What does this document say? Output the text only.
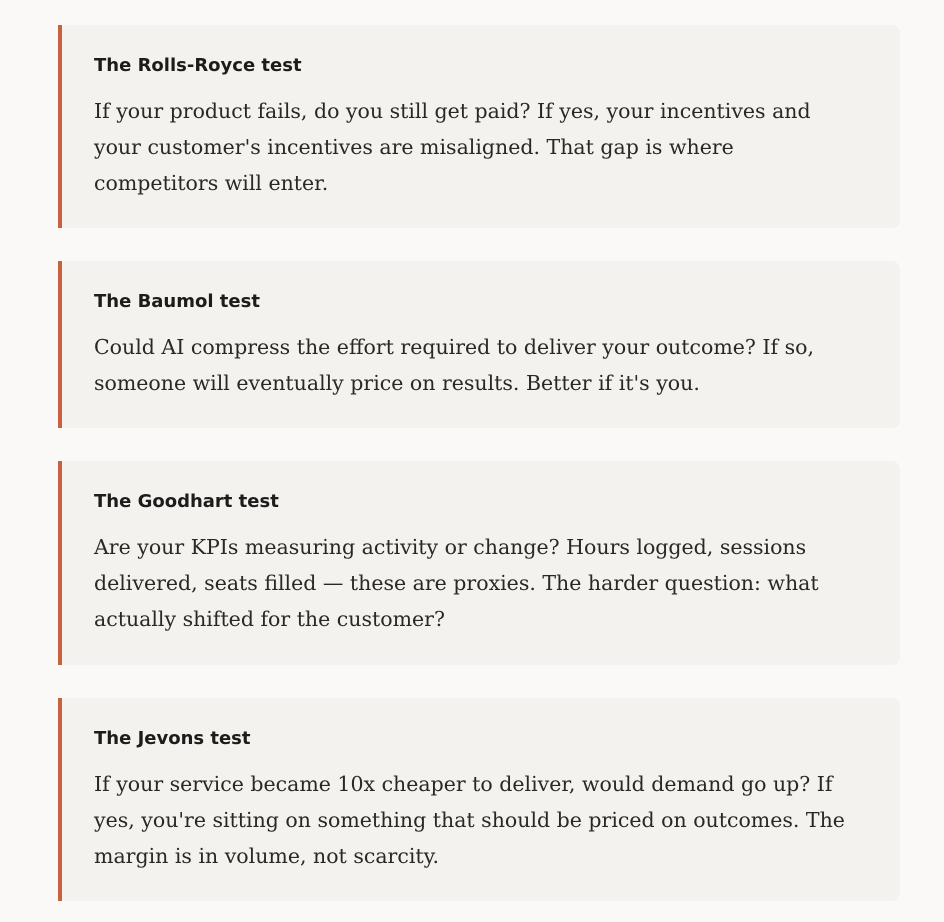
The Rolls-Royce test

If your product fails, do you still get paid? If yes, your incentives and your customer's incentives are misaligned. That gap is where competitors will enter.

The Baumol test

Could AI compress the effort required to deliver your outcome? If so, someone will eventually price on results. Better if it's you.

The Goodhart test

Are your KPIs measuring activity or change? Hours logged, sessions delivered, seats filled — these are proxies. The harder question: what actually shifted for the customer?

The Jevons test

If your service became 10x cheaper to deliver, would demand go up? If yes, you're sitting on something that should be priced on outcomes. The margin is in volume, not scarcity.
